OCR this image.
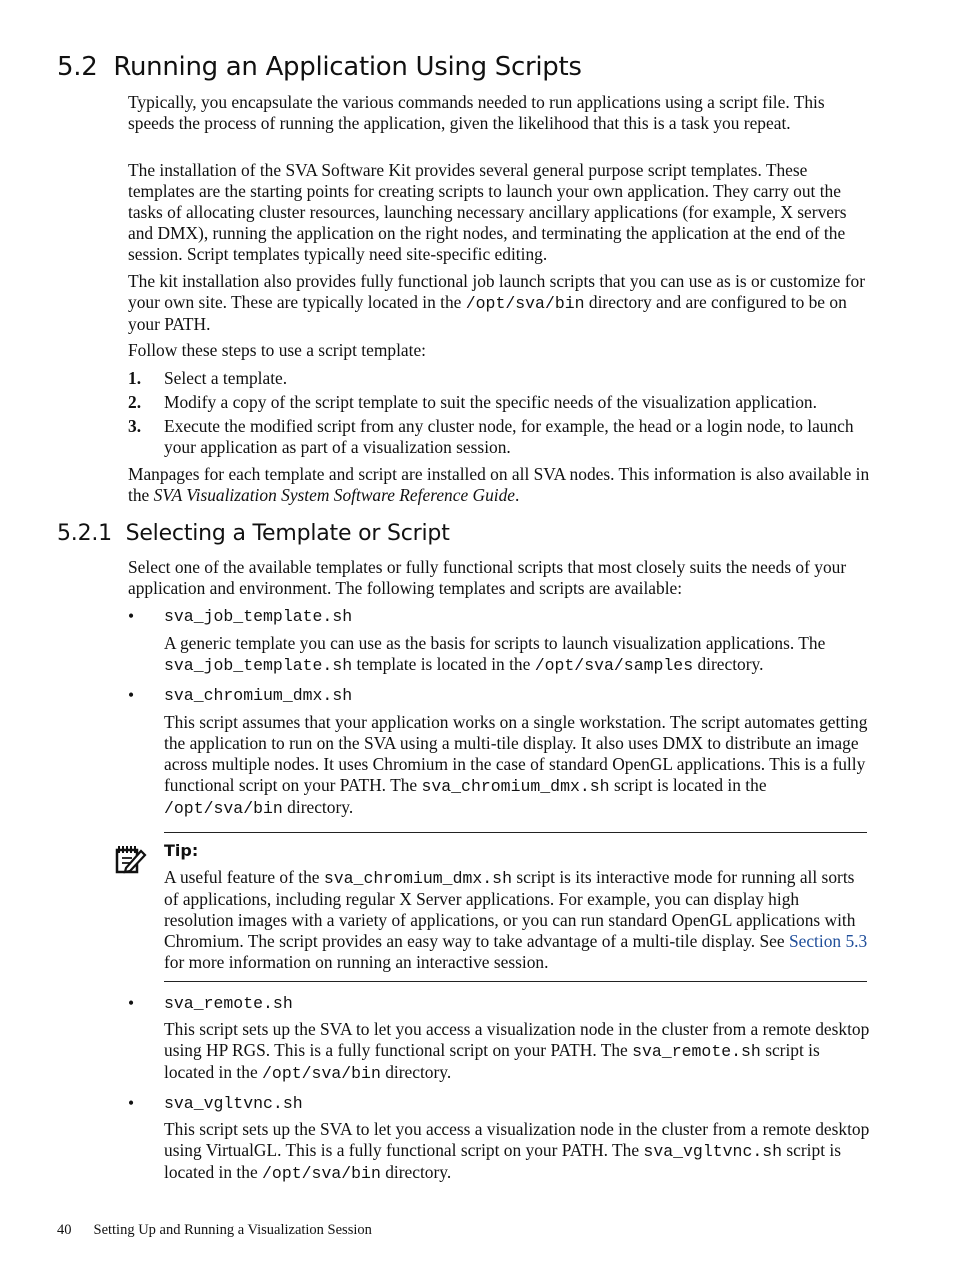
5.2 Running an Application Using Scripts

Typically, you encapsulate the various commands needed to run applications using a script file. This speeds the process of running the application, given the likelihood that this is a task you repeat.

The installation of the SVA Software Kit provides several general purpose script templates. These templates are the starting points for creating scripts to launch your own application. They carry out the tasks of allocating cluster resources, launching necessary ancillary applications (for example, X servers and DMX), running the application on the right nodes, and terminating the application at the end of the session. Script templates typically need site-specific editing.

The kit installation also provides fully functional job launch scripts that you can use as is or customize for your own site. These are typically located in the /opt/sva/bin directory and are configured to be on your PATH.

Follow these steps to use a script template:

1. Select a template.

2. Modify a copy of the script template to suit the specific needs of the visualization application.

3. Execute the modified script from any cluster node, for example, the head or a login node, to launch your application as part of a visualization session.

Manpages for each template and script are installed on all SVA nodes. This information is also available in the SVA Visualization System Software Reference Guide.

5.2.1 Selecting a Template or Script

Select one of the available templates or fully functional scripts that most closely suits the needs of your application and environment. The following templates and scripts are available:

• sva_job_template.sh

A generic template you can use as the basis for scripts to launch visualization applications. The sva_job_template.sh template is located in the /opt/sva/samples directory.

• sva_chromium_dmx.sh

This script assumes that your application works on a single workstation. The script automates getting the application to run on the SVA using a multi-tile display. It also uses DMX to distribute an image across multiple nodes. It uses Chromium in the case of standard OpenGL applications. This is a fully functional script on your PATH. The sva_chromium_dmx.sh script is located in the /opt/sva/bin directory.

Tip:

A useful feature of the sva_chromium_dmx.sh script is its interactive mode for running all sorts of applications, including regular X Server applications. For example, you can display high resolution images with a variety of applications, or you can run standard OpenGL applications with Chromium. The script provides an easy way to take advantage of a multi-tile display. See Section 5.3 for more information on running an interactive session.

• sva_remote.sh

This script sets up the SVA to let you access a visualization node in the cluster from a remote desktop using HP RGS. This is a fully functional script on your PATH. The sva_remote.sh script is located in the /opt/sva/bin directory.

• sva_vgltvnc.sh

This script sets up the SVA to let you access a visualization node in the cluster from a remote desktop using VirtualGL. This is a fully functional script on your PATH. The sva_vgltvnc.sh script is located in the /opt/sva/bin directory.

40 Setting Up and Running a Visualization Session
